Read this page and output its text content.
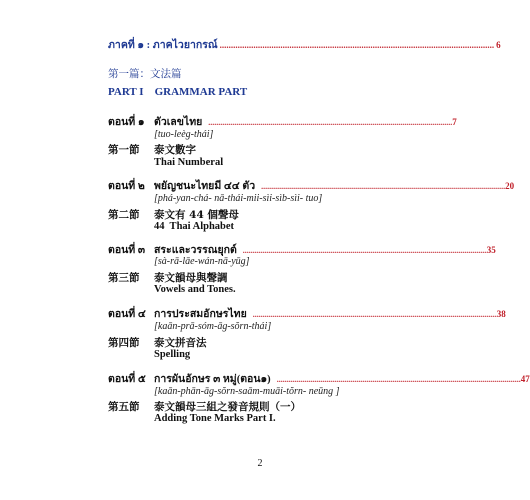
ภาคที่ ๑ : ภาคไวยากรณ์ .......................................................................................................................... 6
第一篇：文法篇
PART I    GRAMMAR PART
ตอนที่ ๑ ตัวเลขไทย .......................................................................................................................... 7
[tuo-leèg-thái]
第一節	泰文數字
Thai Numberal
ตอนที่ ๒ พยัญชนะไทยมี ๔๔ ตัว .......................................................................................................................... 20
[phá-yan-chá- nā-thái-mii-sìi-sìb-sìi- tuo]
第二節	泰文有 44 個聲母
44  Thai Alphabet
ตอนที่ ๓ สระและวรรณยุกต์ .......................................................................................................................... 35
[sà-rā-lāe-wán-nā-yūg]
第三節	泰文韻母與聲調
Vowels and Tones.
ตอนที่ ๔ การประสมอักษรไทย .......................................................................................................................... 38
[kaān-prā-sóm-āg-sŏrn-thái]
第四節	泰文拼音法
Spelling
ตอนที่ ๕ การผันอักษร ๓ หมู่(ตอน๑) .......................................................................................................................... 47
[kaān-phān-āg-sŏrn-saām-muāi-tŏrn- neūng ]
第五節	泰文韻母三組之發音規則（一）
Adding Tone Marks Part I.
2
